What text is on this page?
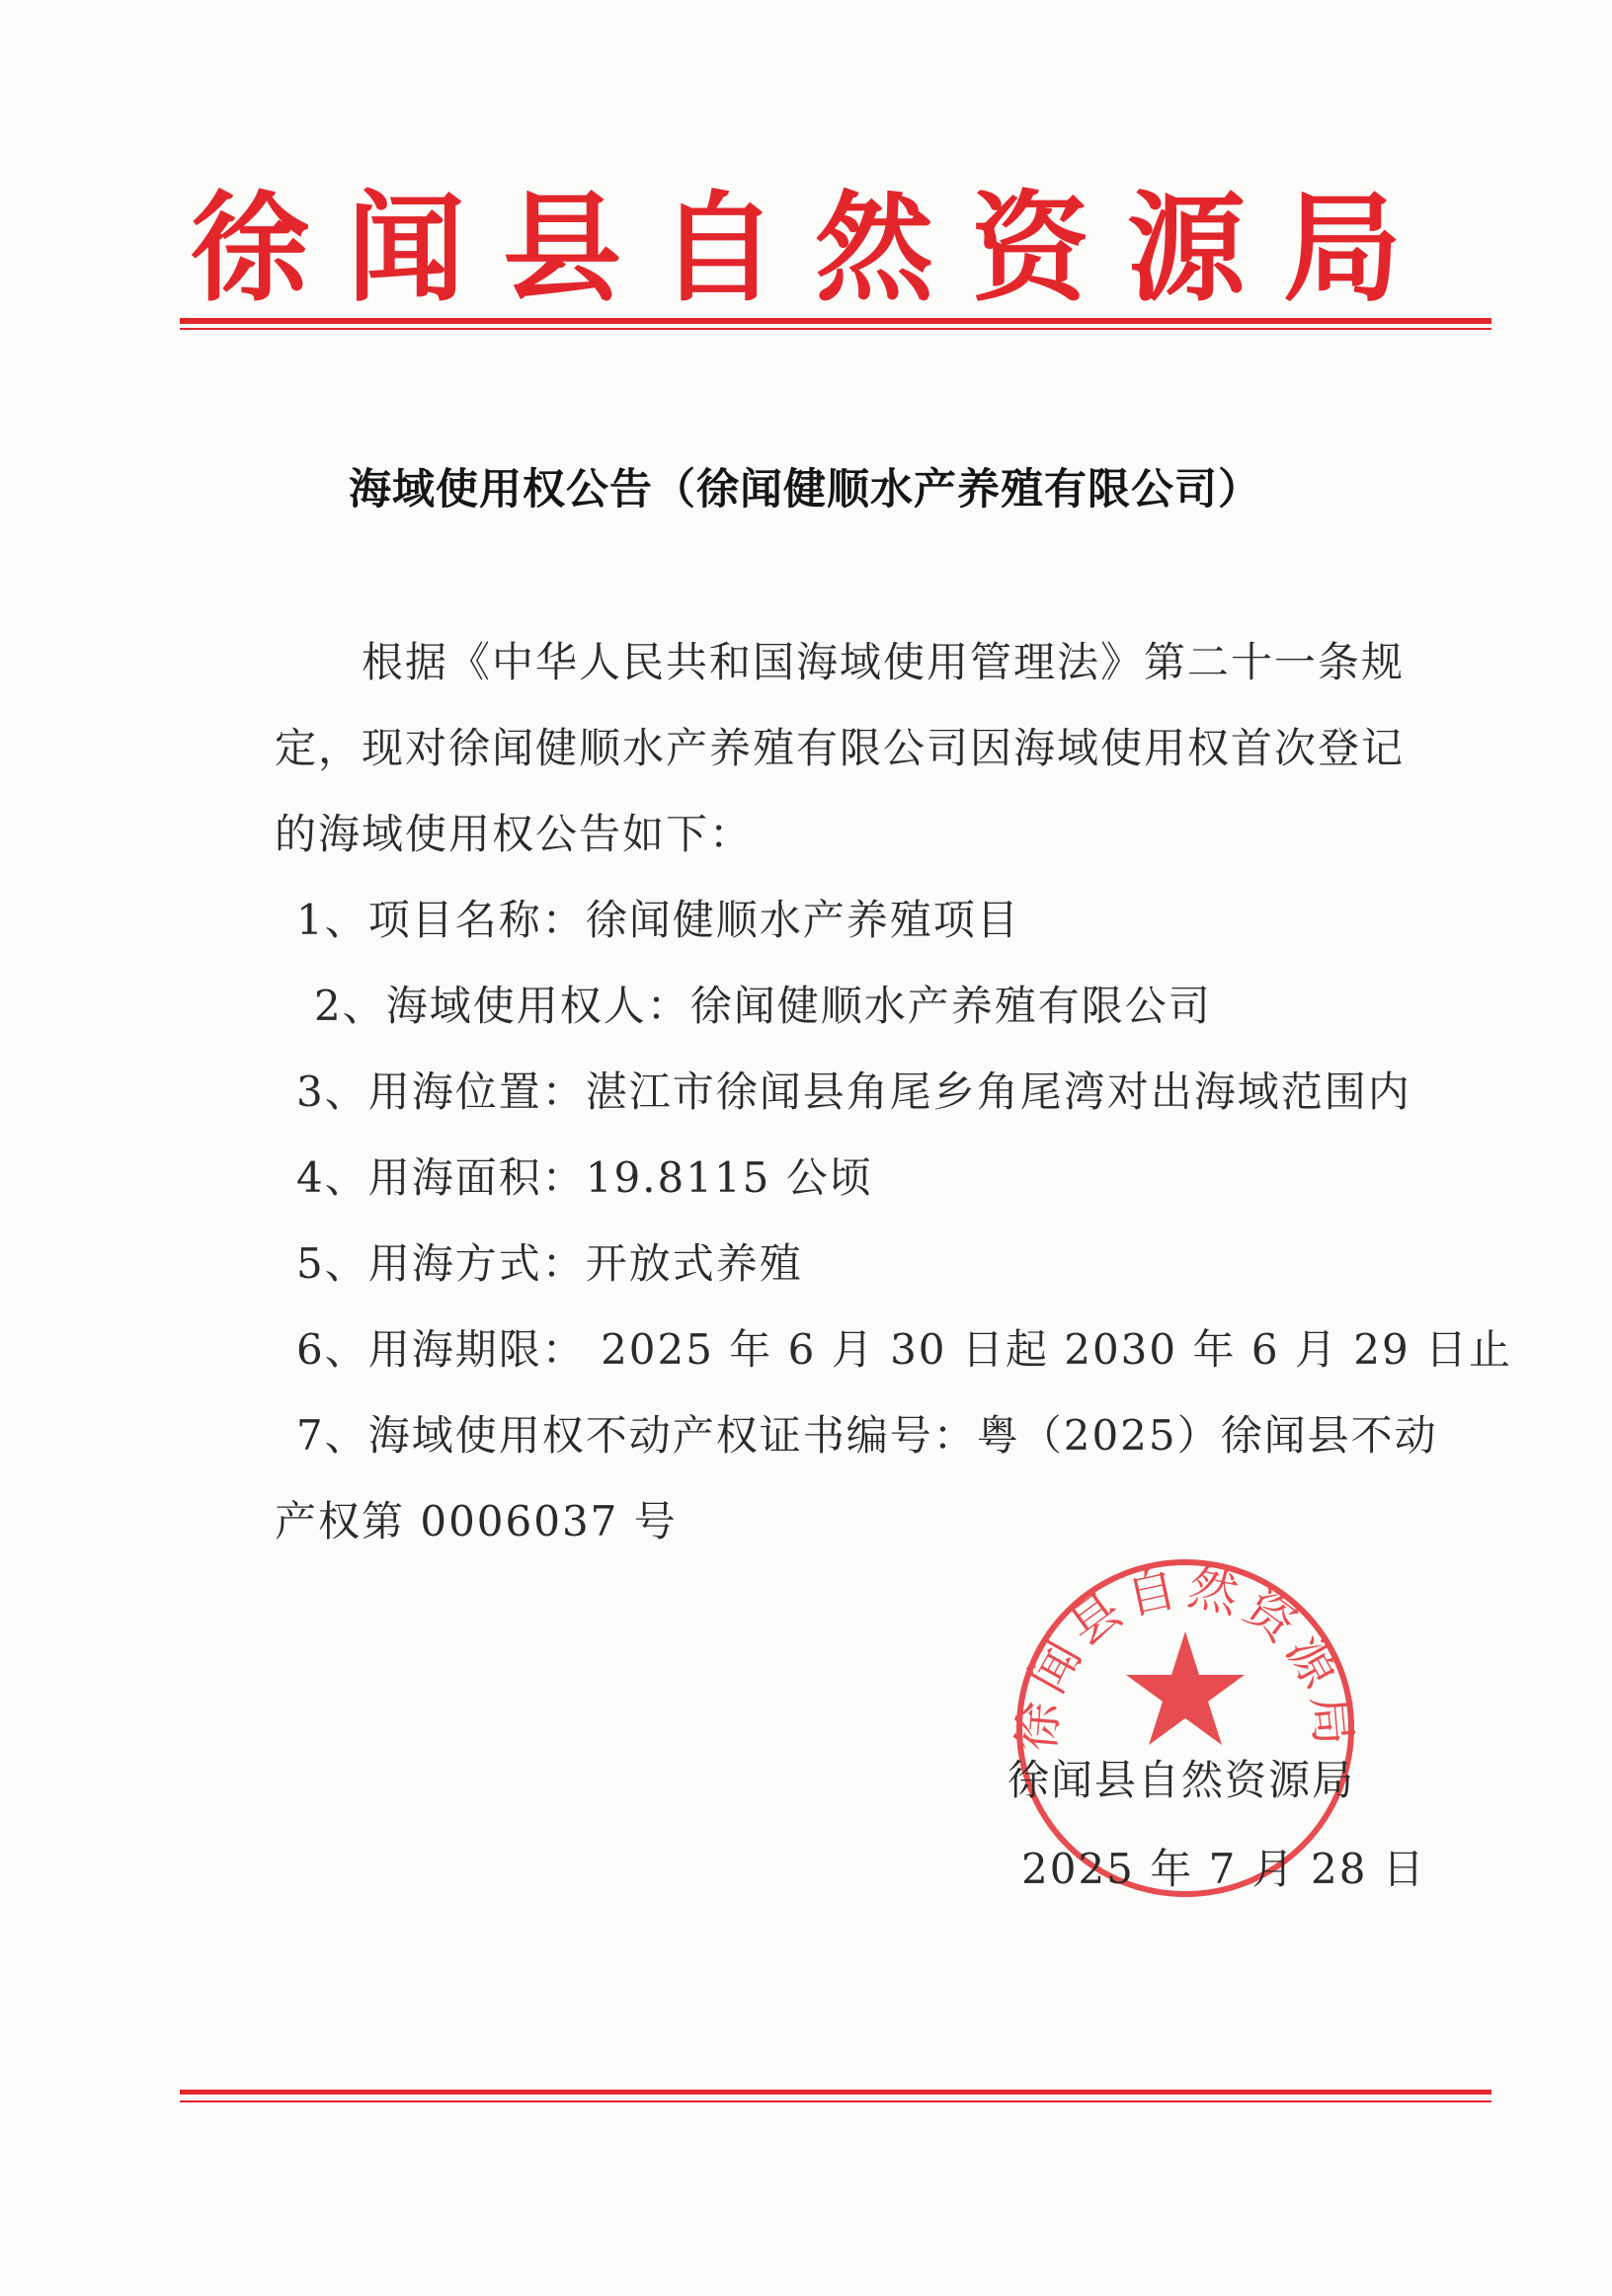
徐闻县自然资源局
海域使用权公告（徐闻健顺水产养殖有限公司）
根据《中华人民共和国海域使用管理法》第二十一条规
定，现对徐闻健顺水产养殖有限公司因海域使用权首次登记
的海域使用权公告如下：
1、项目名称：徐闻健顺水产养殖项目
2、海域使用权人：徐闻健顺水产养殖有限公司
3、用海位置：湛江市徐闻县角尾乡角尾湾对出海域范围内
4、用海面积：19.8115 公顷
5、用海方式：开放式养殖
6、用海期限： 2025 年 6 月 30 日起 2030 年 6 月 29 日止
7、海域使用权不动产权证书编号：粤（2025）徐闻县不动
产权第 0006037 号
徐闻县自然资源局
徐闻县自然资源局
2025 年 7 月 28 日
